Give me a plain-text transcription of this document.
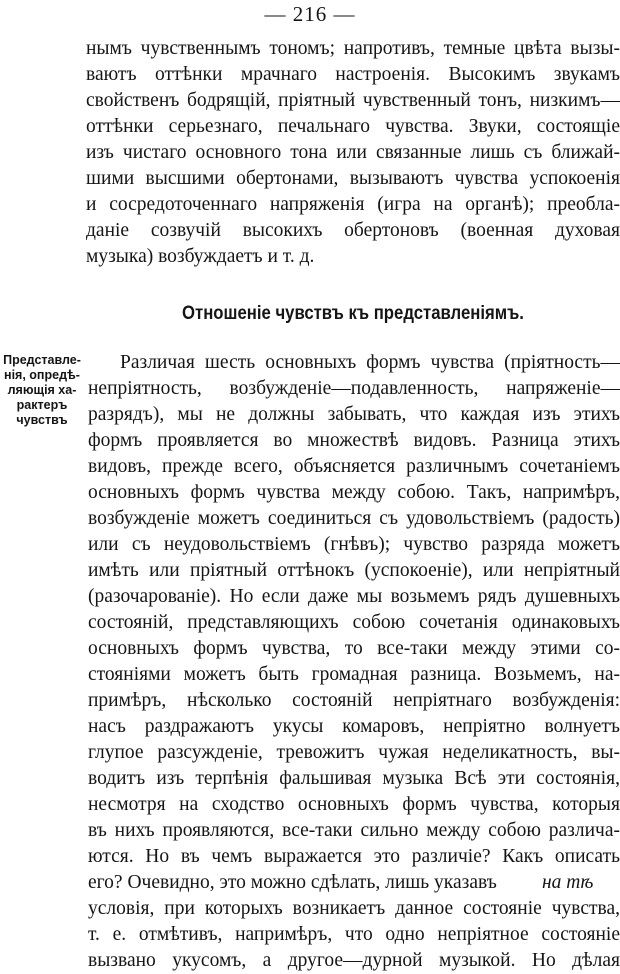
— 216 —
нымъ чувственнымъ тономъ; напротивъ, темные цвѣта вызы-
ваютъ оттѣнки мрачнаго настроенія. Высокимъ звукамъ
свойственъ бодрящій, пріятный чувственный тонъ, низкимъ—
оттѣнки серьезнаго, печальнаго чувства. Звуки, состоящіе
изъ чистаго основного тона или связанные лишь съ ближай-
шими высшими обертонами, вызываютъ чувства успокоенія
и сосредоточеннаго напряженія (игра на органѣ); преобла-
даніе созвучій высокихъ обертоновъ (военная духовая
музыка) возбуждаетъ и т. д.
Отношеніе чувствъ къ представленіямъ.
Представле-
нія, опредѣ-
ляющія ха-
рактеръ
чувствъ
Различая шесть основныхъ формъ чувства (пріятность—
непріятность, возбужденіе—подавленность, напряженіе—
разрядъ), мы не должны забывать, что каждая изъ этихъ
формъ проявляется во множествѣ видовъ. Разница этихъ
видовъ, прежде всего, объясняется различнымъ сочетаніемъ
основныхъ формъ чувства между собою. Такъ, напримѣръ,
возбужденіе можетъ соединиться съ удовольствіемъ (радость)
или съ неудовольствіемъ (гнѣвъ); чувство разряда можетъ
имѣть или пріятный оттѣнокъ (успокоеніе), или непріятный
(разочарованіе). Но если даже мы возьмемъ рядъ душевныхъ
состояній, представляющихъ собою сочетанія одинаковыхъ
основныхъ формъ чувства, то все-таки между этими со-
стояніями можетъ быть громадная разница. Возьмемъ, на-
примѣръ, нѣсколько состояній непріятнаго возбужденія:
насъ раздражаютъ укусы комаровъ, непріятно волнуетъ
глупое разсужденіе, тревожитъ чужая неделикатность, вы-
водитъ изъ терпѣнія фальшивая музыка Всѣ эти состоянія,
несмотря на сходство основныхъ формъ чувства, которыя
въ нихъ проявляются, все-таки сильно между собою различа-
ются. Но въ чемъ выражается это различіе? Какъ описать
его? Очевидно, это можно сдѣлать, лишь указавъ	на тѣ
условія, при которыхъ возникаетъ данное состояніе чувства,
т. е. отмѣтивъ, напримѣръ, что одно непріятное состояніе
вызвано укусомъ, а другое—дурной музыкой. Но дѣлая
